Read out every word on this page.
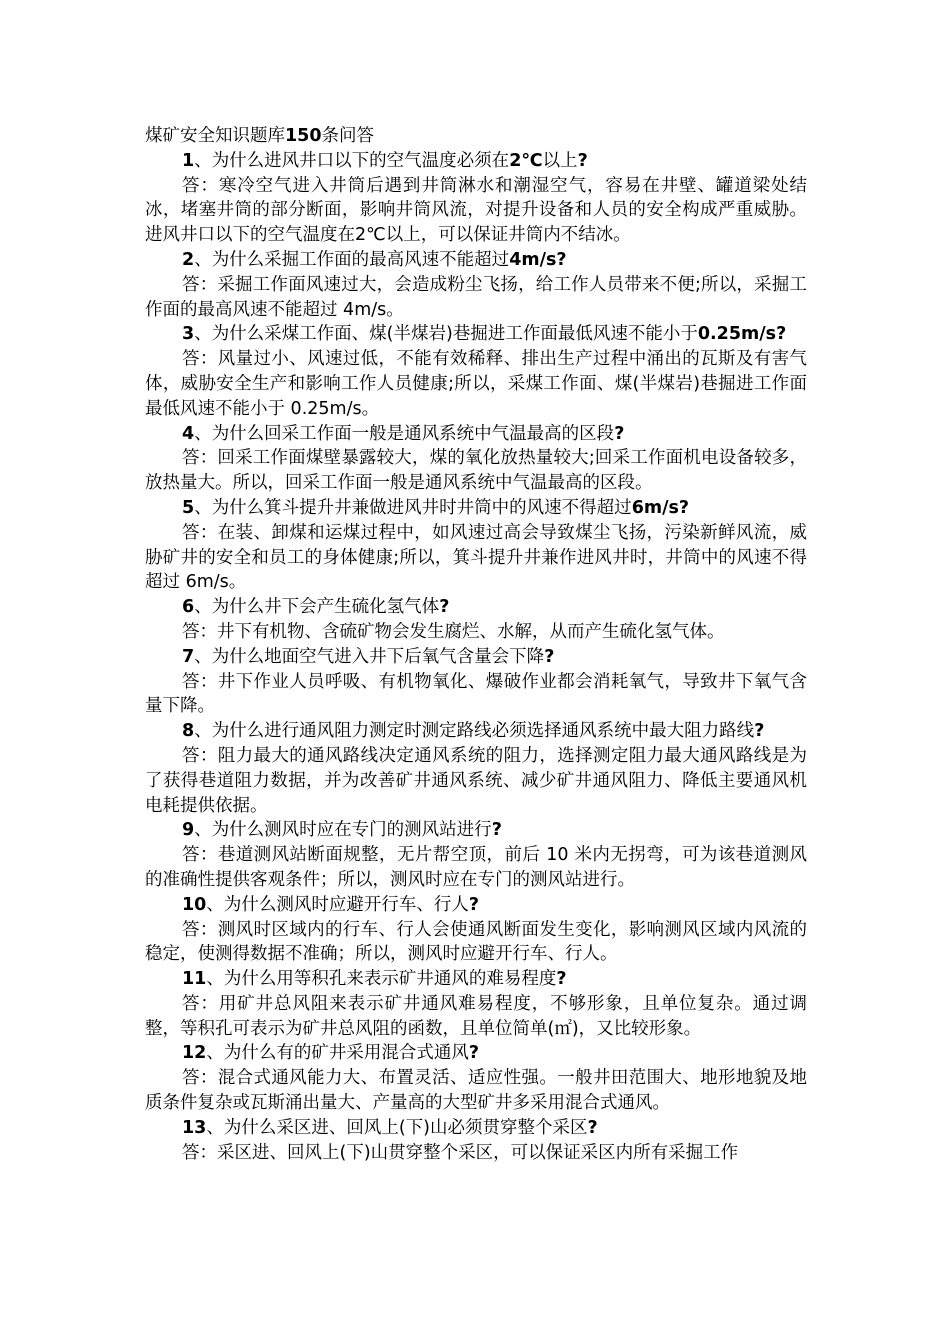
煤矿安全知识题库150条问答

1、为什么进风井口以下的空气温度必须在2℃以上?

答：寒冷空气进入井筒后遇到井筒淋水和潮湿空气，容易在井壁、罐道梁处结冰，堵塞井筒的部分断面，影响井筒风流，对提升设备和人员的安全构成严重威胁。进风井口以下的空气温度在2℃以上，可以保证井筒内不结冰。

2、为什么采掘工作面的最高风速不能超过4m/s?

答：采掘工作面风速过大，会造成粉尘飞扬，给工作人员带来不便;所以，采掘工作面的最高风速不能超过 4m/s。

3、为什么采煤工作面、煤(半煤岩)巷掘进工作面最低风速不能小于0.25m/s?

答：风量过小、风速过低，不能有效稀释、排出生产过程中涌出的瓦斯及有害气体，威胁安全生产和影响工作人员健康;所以，采煤工作面、煤(半煤岩)巷掘进工作面最低风速不能小于 0.25m/s。

4、为什么回采工作面一般是通风系统中气温最高的区段?

答：回采工作面煤壁暴露较大，煤的氧化放热量较大;回采工作面机电设备较多，放热量大。所以，回采工作面一般是通风系统中气温最高的区段。

5、为什么箕斗提升井兼做进风井时井筒中的风速不得超过6m/s?

答：在装、卸煤和运煤过程中，如风速过高会导致煤尘飞扬，污染新鲜风流，威胁矿井的安全和员工的身体健康;所以，箕斗提升井兼作进风井时，井筒中的风速不得超过 6m/s。

6、为什么井下会产生硫化氢气体?

答：井下有机物、含硫矿物会发生腐烂、水解，从而产生硫化氢气体。

7、为什么地面空气进入井下后氧气含量会下降?

答：井下作业人员呼吸、有机物氧化、爆破作业都会消耗氧气，导致井下氧气含量下降。

8、为什么进行通风阻力测定时测定路线必须选择通风系统中最大阻力路线?

答：阻力最大的通风路线决定通风系统的阻力，选择测定阻力最大通风路线是为了获得巷道阻力数据，并为改善矿井通风系统、减少矿井通风阻力、降低主要通风机电耗提供依据。

9、为什么测风时应在专门的测风站进行?

答：巷道测风站断面规整，无片帮空顶，前后 10 米内无拐弯，可为该巷道测风的准确性提供客观条件；所以，测风时应在专门的测风站进行。

10、为什么测风时应避开行车、行人?

答：测风时区域内的行车、行人会使通风断面发生变化，影响测风区域内风流的稳定，使测得数据不准确；所以，测风时应避开行车、行人。

11、为什么用等积孔来表示矿井通风的难易程度?

答：用矿井总风阻来表示矿井通风难易程度，不够形象，且单位复杂。通过调整，等积孔可表示为矿井总风阻的函数，且单位简单(㎡)，又比较形象。

12、为什么有的矿井采用混合式通风?

答：混合式通风能力大、布置灵活、适应性强。一般井田范围大、地形地貌及地质条件复杂或瓦斯涌出量大、产量高的大型矿井多采用混合式通风。

13、为什么采区进、回风上(下)山必须贯穿整个采区?

答：采区进、回风上(下)山贯穿整个采区，可以保证采区内所有采掘工作
